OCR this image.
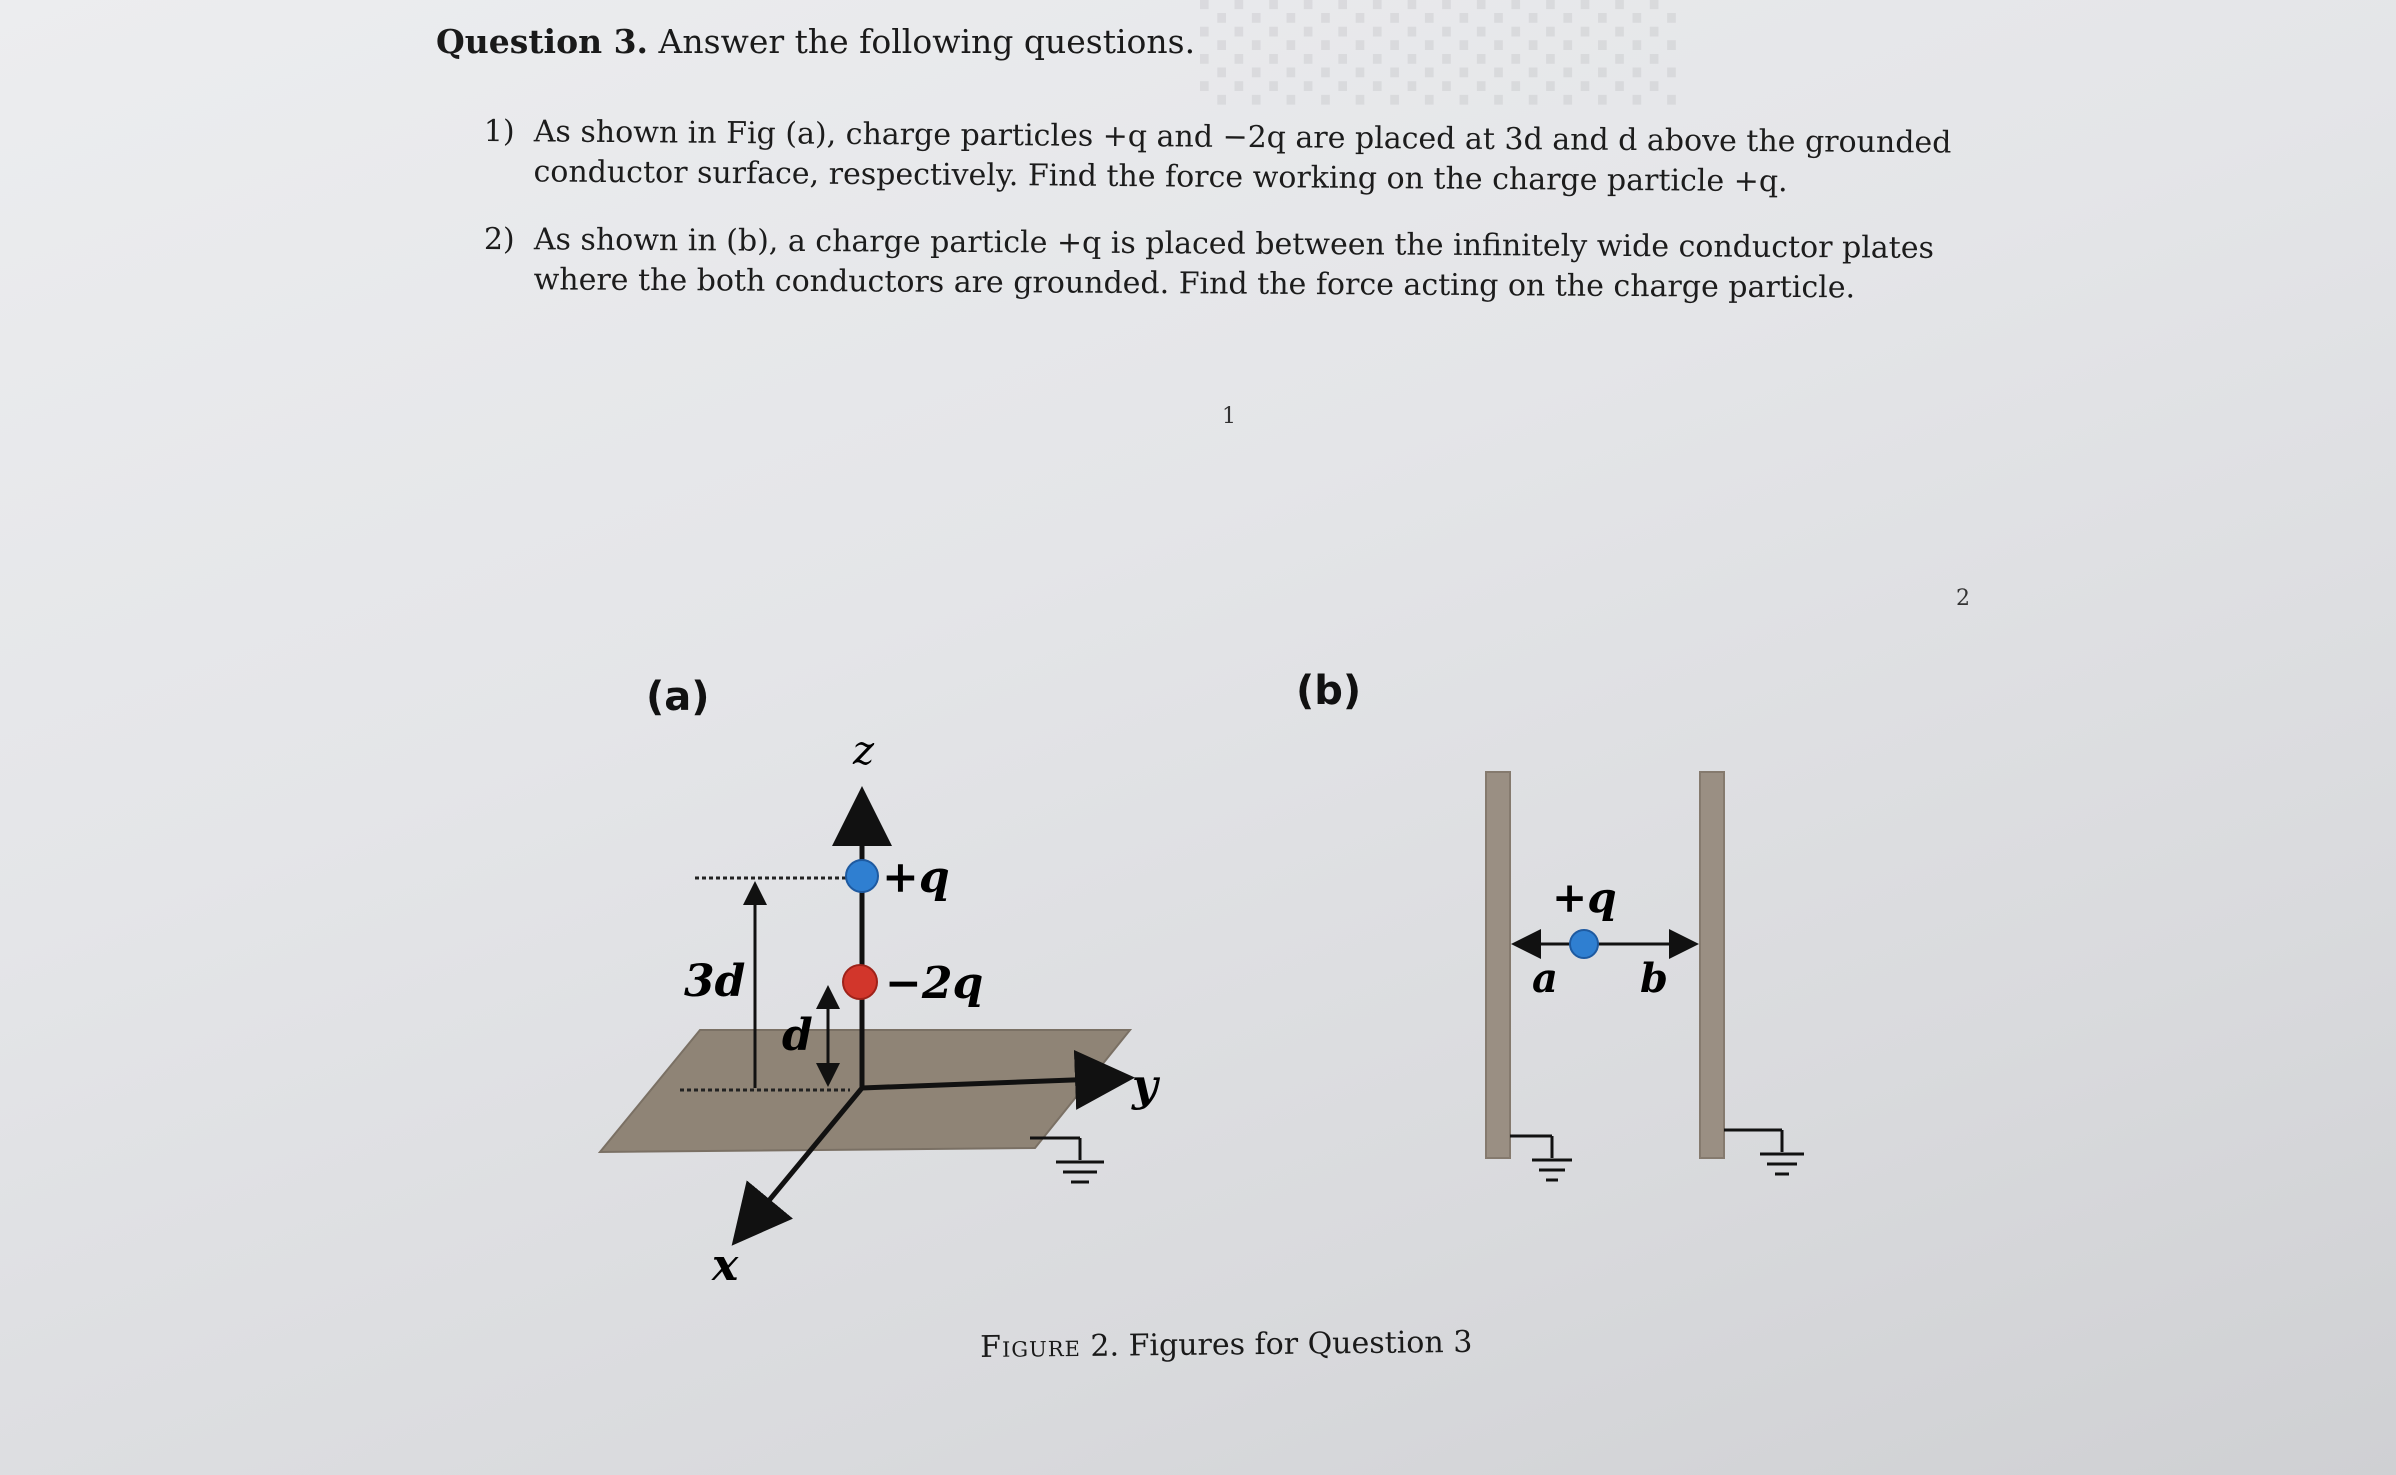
░░░░░░░
Question 3. Answer the following questions.
1) As shown in Fig (a), charge particles +q and −2q are placed at 3d and d above the grounded conductor surface, respectively. Find the force working on the charge particle +q.
2) As shown in (b), a charge particle +q is placed between the infinitely wide conductor plates where the both conductors are grounded. Find the force acting on the charge particle.
1
2
(a)	(b)
z
y
x
+q
−2q
3d
d
+q
a b
Figure 2. Figures for Question 3
